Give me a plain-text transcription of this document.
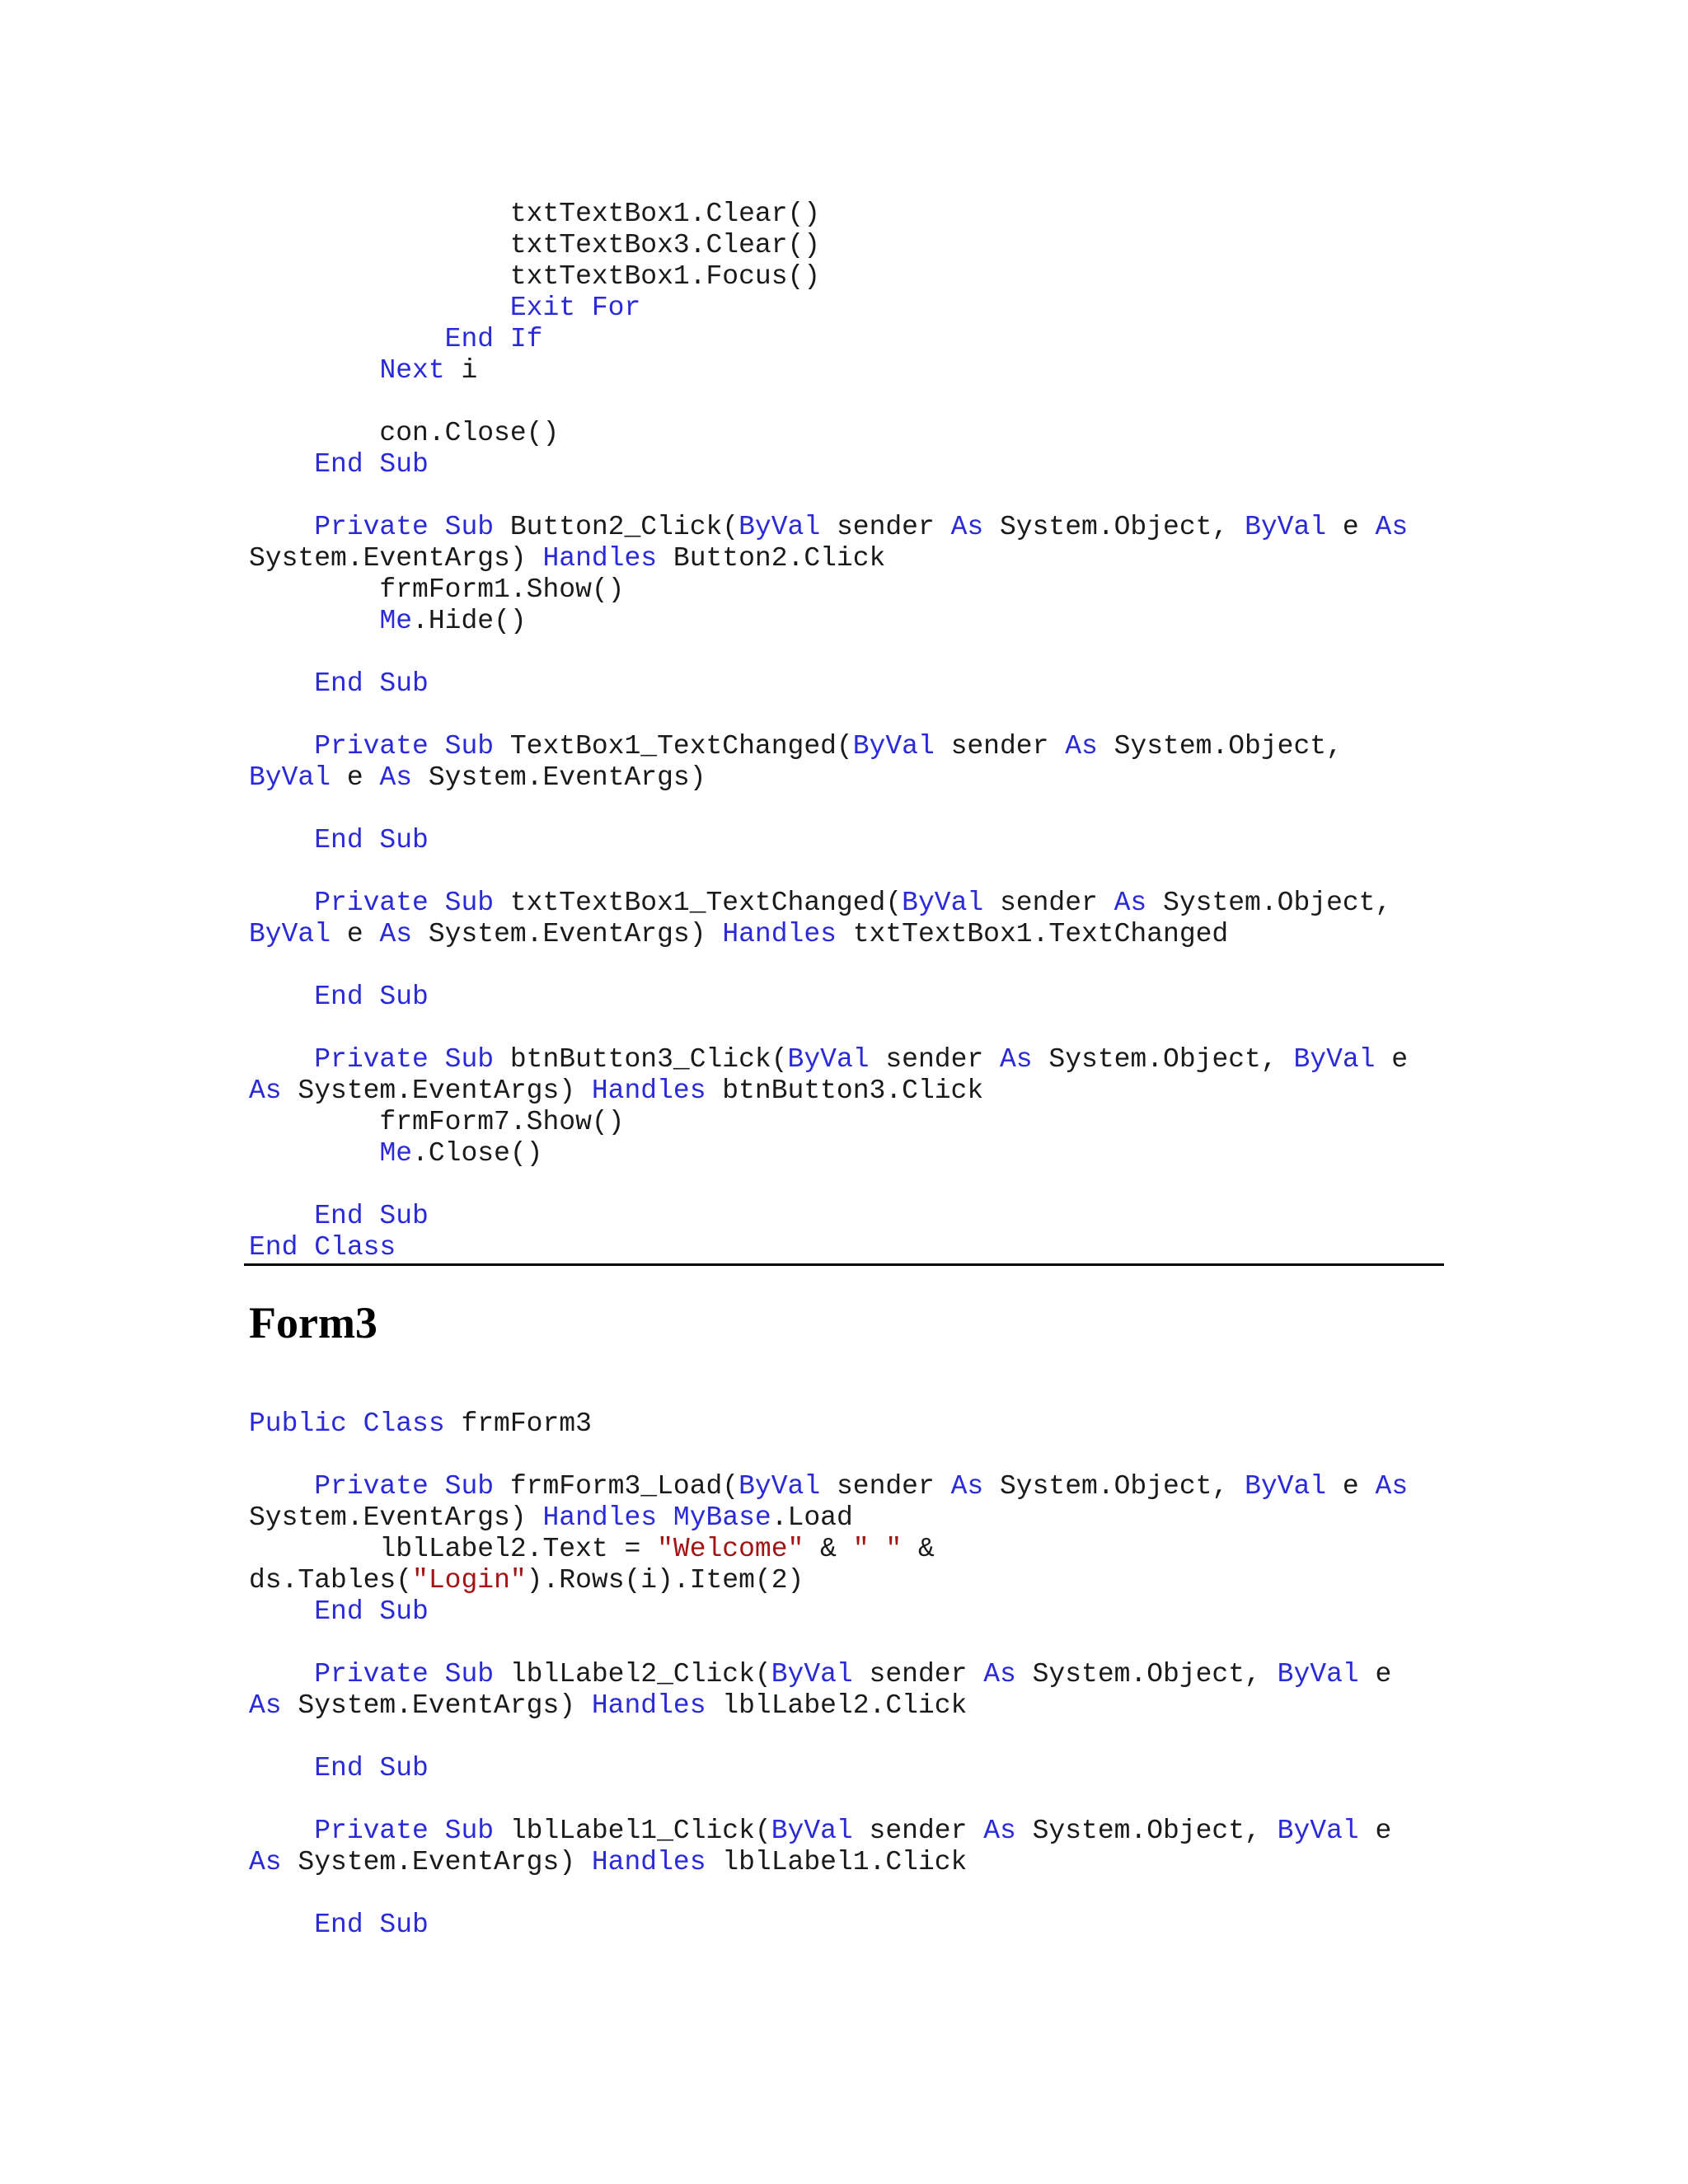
txtTextBox1.Clear()
txtTextBox3.Clear()
txtTextBox1.Focus()
Exit For
End If
Next i
con.Close()
End Sub
Private Sub Button2_Click(ByVal sender As System.Object, ByVal e As
System.EventArgs) Handles Button2.Click
frmForm1.Show()
Me.Hide()
End Sub
Private Sub TextBox1_TextChanged(ByVal sender As System.Object,
ByVal e As System.EventArgs)
End Sub
Private Sub txtTextBox1_TextChanged(ByVal sender As System.Object,
ByVal e As System.EventArgs) Handles txtTextBox1.TextChanged
End Sub
Private Sub btnButton3_Click(ByVal sender As System.Object, ByVal e
As System.EventArgs) Handles btnButton3.Click
frmForm7.Show()
Me.Close()
End Sub
End Class
Form3
Public Class frmForm3
Private Sub frmForm3_Load(ByVal sender As System.Object, ByVal e As
System.EventArgs) Handles MyBase.Load
lblLabel2.Text = "Welcome" & " " &
ds.Tables("Login").Rows(i).Item(2)
End Sub
Private Sub lblLabel2_Click(ByVal sender As System.Object, ByVal e
As System.EventArgs) Handles lblLabel2.Click
End Sub
Private Sub lblLabel1_Click(ByVal sender As System.Object, ByVal e
As System.EventArgs) Handles lblLabel1.Click
End Sub
